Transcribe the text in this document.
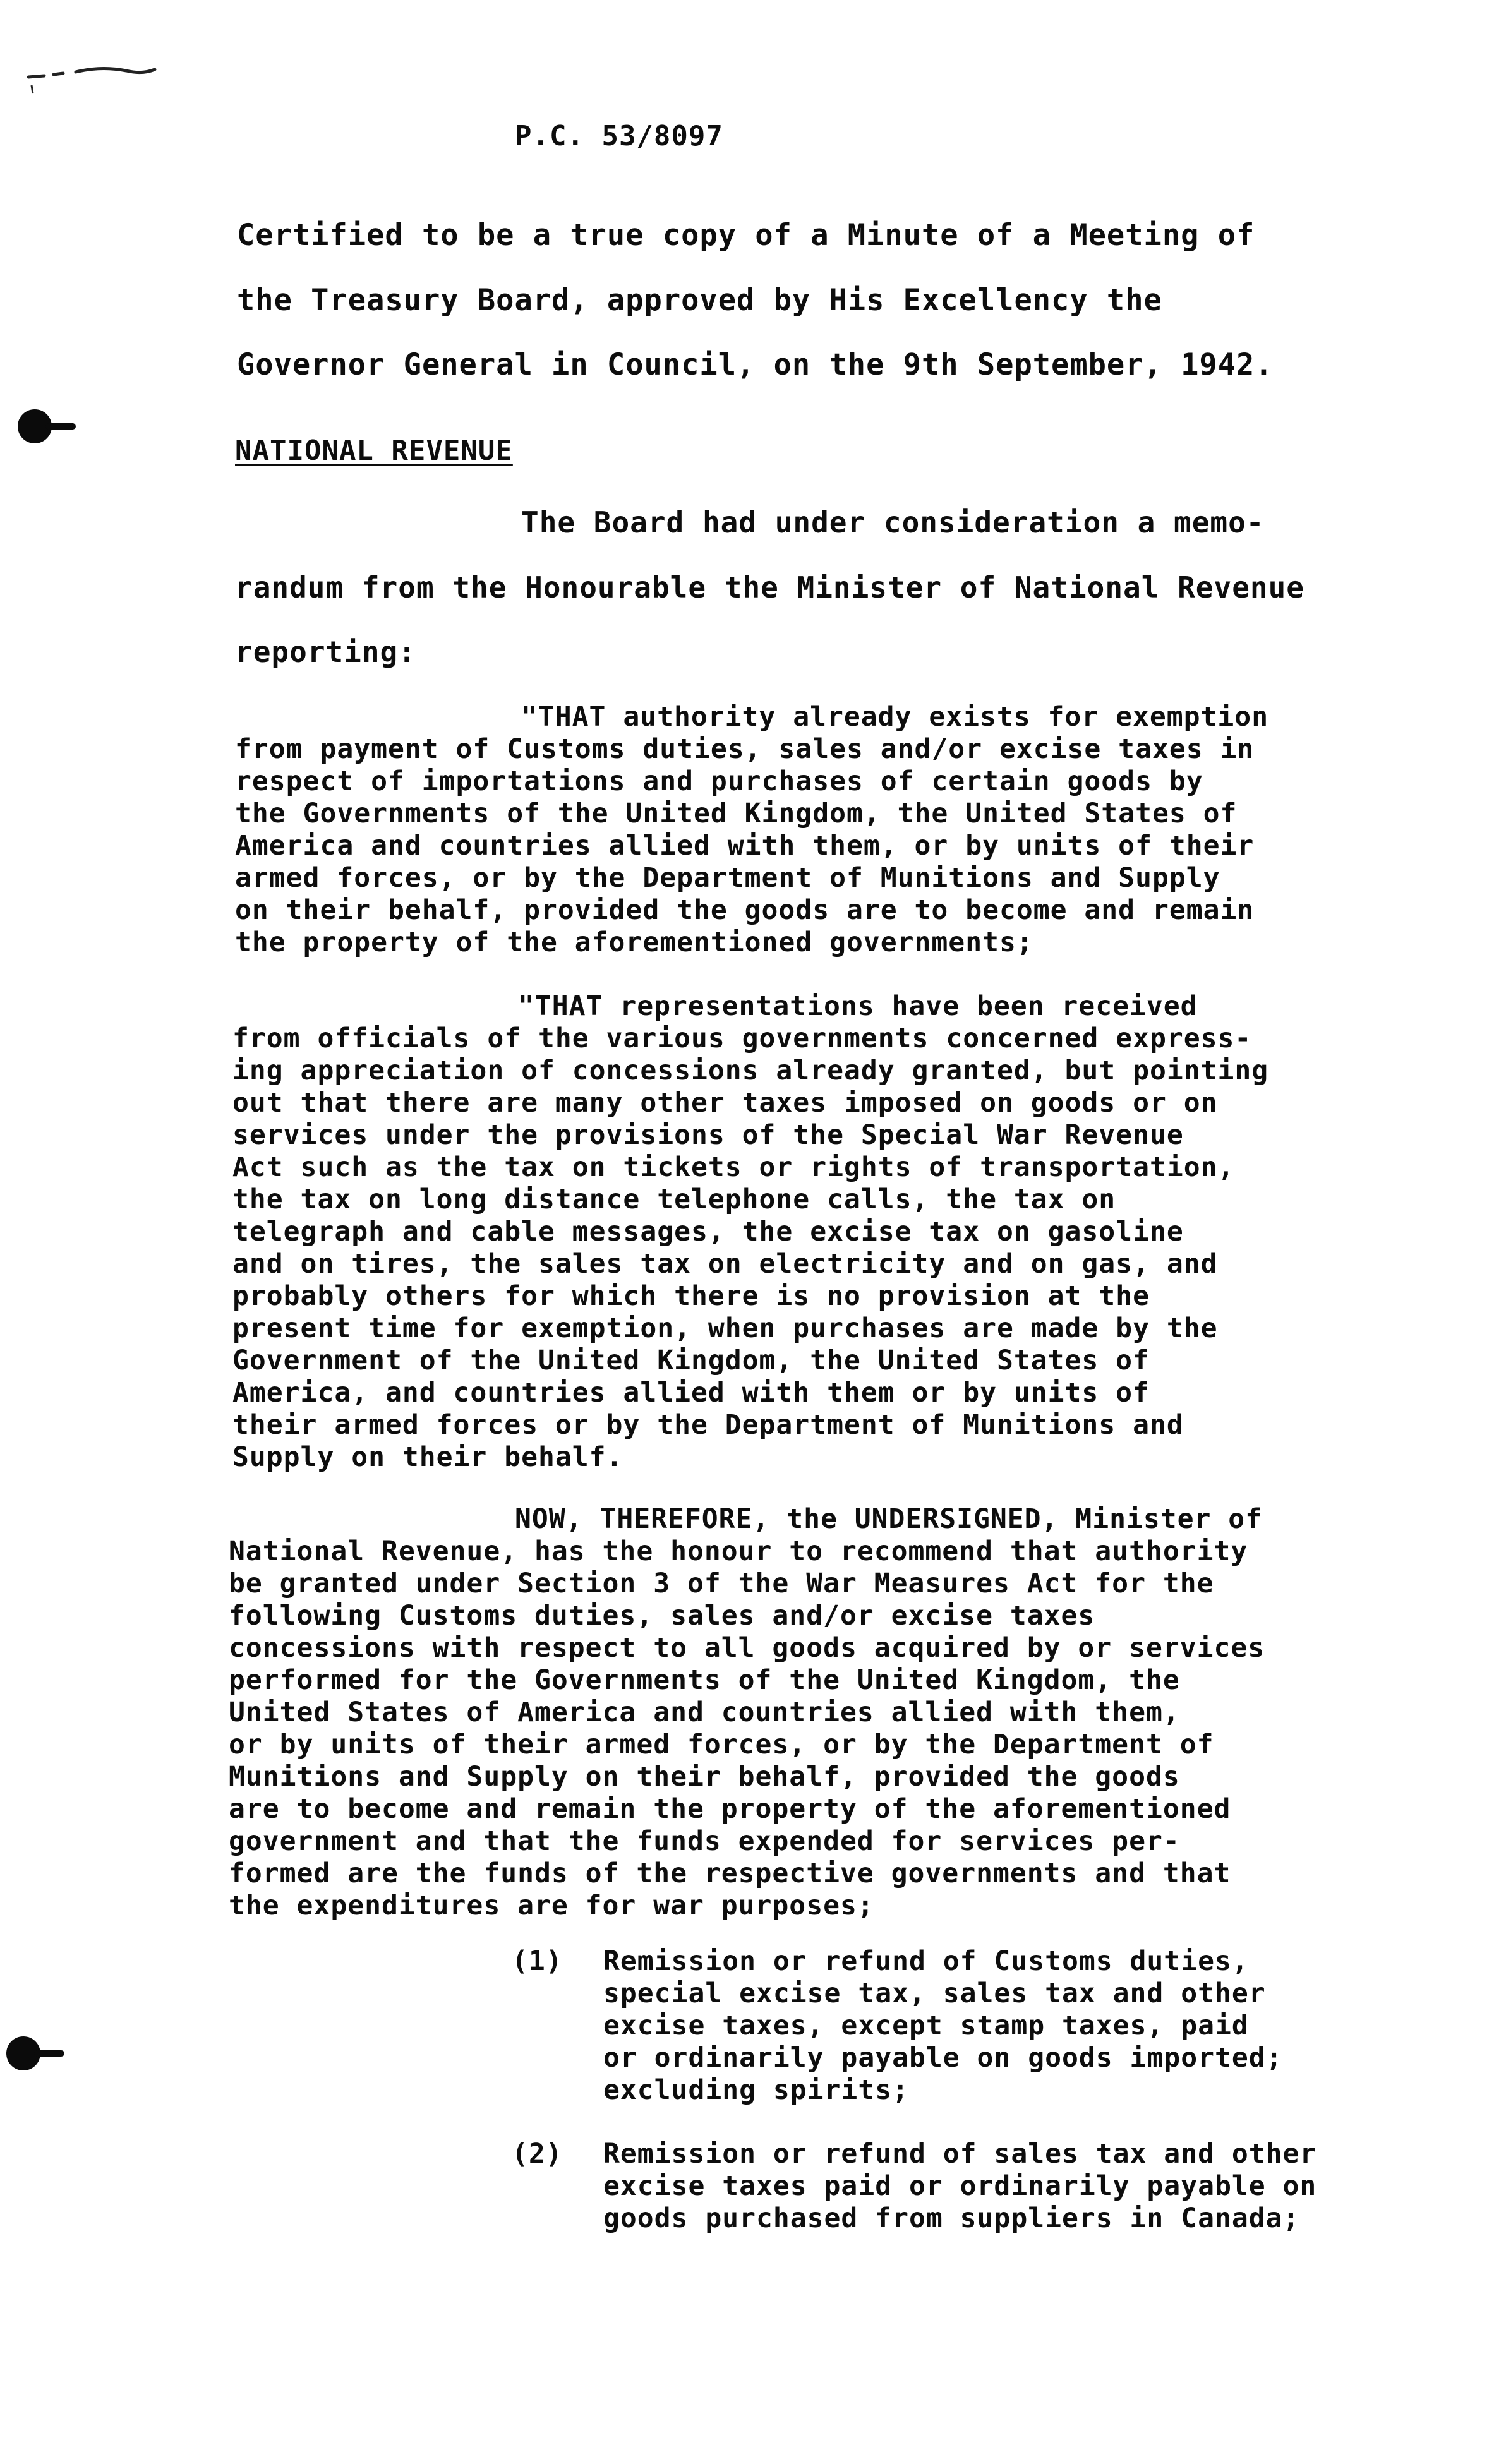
P.C. 53/8097
Certified to be a true copy of a Minute of a Meeting of
the Treasury Board, approved by His Excellency the
Governor General in Council, on the 9th September, 1942.
NATIONAL REVENUE
The Board had under consideration a memo-
randum from the Honourable the Minister of National Revenue
reporting:
"THAT authority already exists for exemption
from payment of Customs duties, sales and/or excise taxes in
respect of importations and purchases of certain goods by
the Governments of the United Kingdom, the United States of
America and countries allied with them, or by units of their
armed forces, or by the Department of Munitions and Supply
on their behalf, provided the goods are to become and remain
the property of the aforementioned governments;
"THAT representations have been received
from officials of the various governments concerned express-
ing appreciation of concessions already granted, but pointing
out that there are many other taxes imposed on goods or on
services under the provisions of the Special War Revenue
Act such as the tax on tickets or rights of transportation,
the tax on long distance telephone calls, the tax on
telegraph and cable messages, the excise tax on gasoline
and on tires, the sales tax on electricity and on gas, and
probably others for which there is no provision at the
present time for exemption, when purchases are made by the
Government of the United Kingdom, the United States of
America, and countries allied with them or by units of
their armed forces or by the Department of Munitions and
Supply on their behalf.
NOW, THEREFORE, the UNDERSIGNED, Minister of
National Revenue, has the honour to recommend that authority
be granted under Section 3 of the War Measures Act for the
following Customs duties, sales and/or excise taxes
concessions with respect to all goods acquired by or services
performed for the Governments of the United Kingdom, the
United States of America and countries allied with them,
or by units of their armed forces, or by the Department of
Munitions and Supply on their behalf, provided the goods
are to become and remain the property of the aforementioned
government and that the funds expended for services per-
formed are the funds of the respective governments and that
the expenditures are for war purposes;
(1) Remission or refund of Customs duties,
special excise tax, sales tax and other
excise taxes, except stamp taxes, paid
or ordinarily payable on goods imported;
excluding spirits;
(2) Remission or refund of sales tax and other
excise taxes paid or ordinarily payable on
goods purchased from suppliers in Canada;
